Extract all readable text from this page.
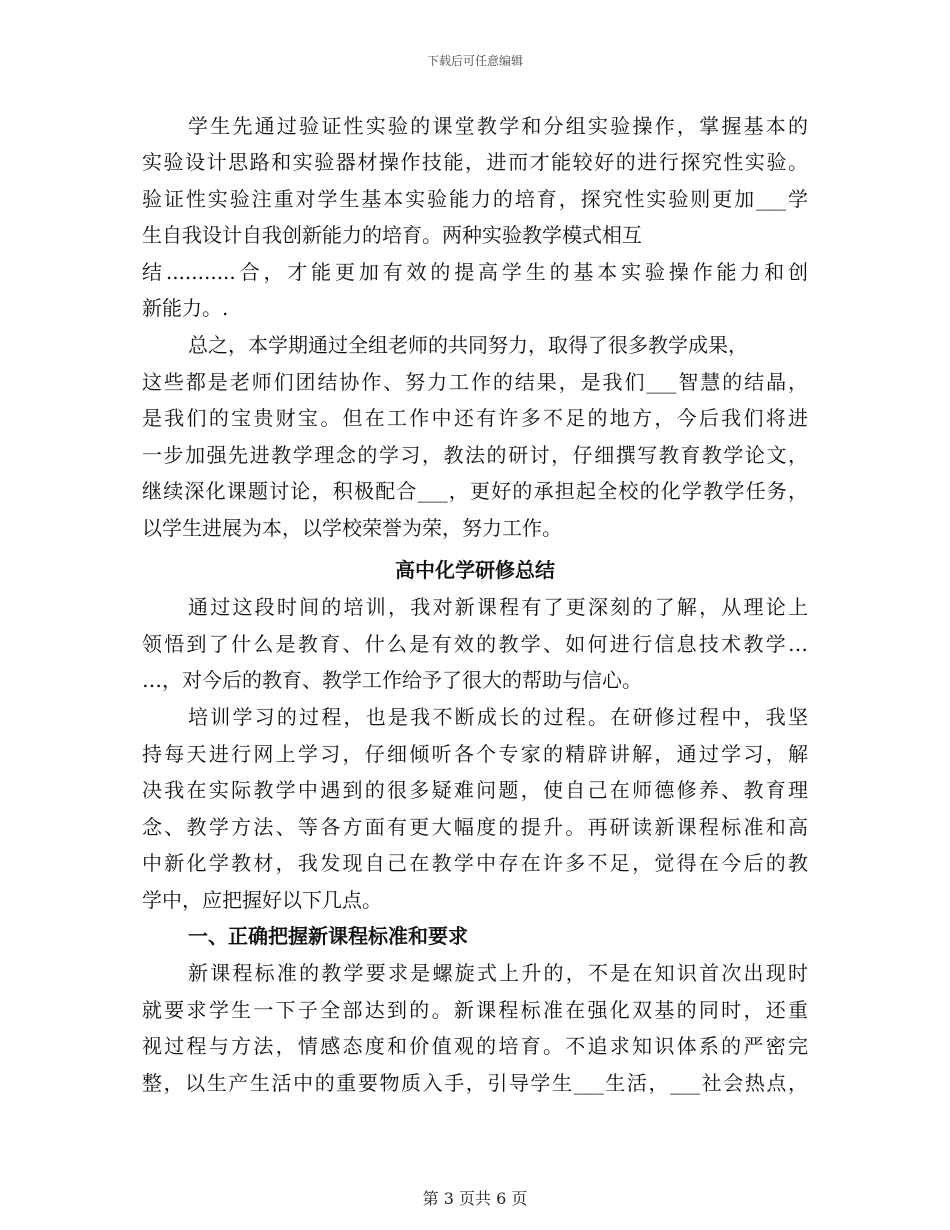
下载后可任意编辑
学生先通过验证性实验的课堂教学和分组实验操作，掌握基本的
实验设计思路和实验器材操作技能，进而才能较好的进行探究性实验。
验证性实验注重对学生基本实验能力的培育，探究性实验则更加___学
生自我设计自我创新能力的培育。两种实验教学模式相互
结...........合，才能更加有效的提高学生的基本实验操作能力和创
新能力。.
总之，本学期通过全组老师的共同努力，取得了很多教学成果，
这些都是老师们团结协作、努力工作的结果，是我们___智慧的结晶，
是我们的宝贵财宝。但在工作中还有许多不足的地方，今后我们将进
一步加强先进教学理念的学习，教法的研讨，仔细撰写教育教学论文，
继续深化课题讨论，积极配合___，更好的承担起全校的化学教学任务，
以学生进展为本，以学校荣誉为荣，努力工作。
高中化学研修总结
通过这段时间的培训，我对新课程有了更深刻的了解，从理论上
领悟到了什么是教育、什么是有效的教学、如何进行信息技术教学…
…，对今后的教育、教学工作给予了很大的帮助与信心。
培训学习的过程，也是我不断成长的过程。在研修过程中，我坚
持每天进行网上学习，仔细倾听各个专家的精辟讲解，通过学习，解
决我在实际教学中遇到的很多疑难问题，使自己在师德修养、教育理
念、教学方法、等各方面有更大幅度的提升。再研读新课程标准和高
中新化学教材，我发现自己在教学中存在许多不足，觉得在今后的教
学中，应把握好以下几点。
一、正确把握新课程标准和要求
新课程标准的教学要求是螺旋式上升的，不是在知识首次出现时
就要求学生一下子全部达到的。新课程标准在强化双基的同时，还重
视过程与方法，情感态度和价值观的培育。不追求知识体系的严密完
整，以生产生活中的重要物质入手，引导学生___生活，___社会热点，
第 3 页共 6 页
